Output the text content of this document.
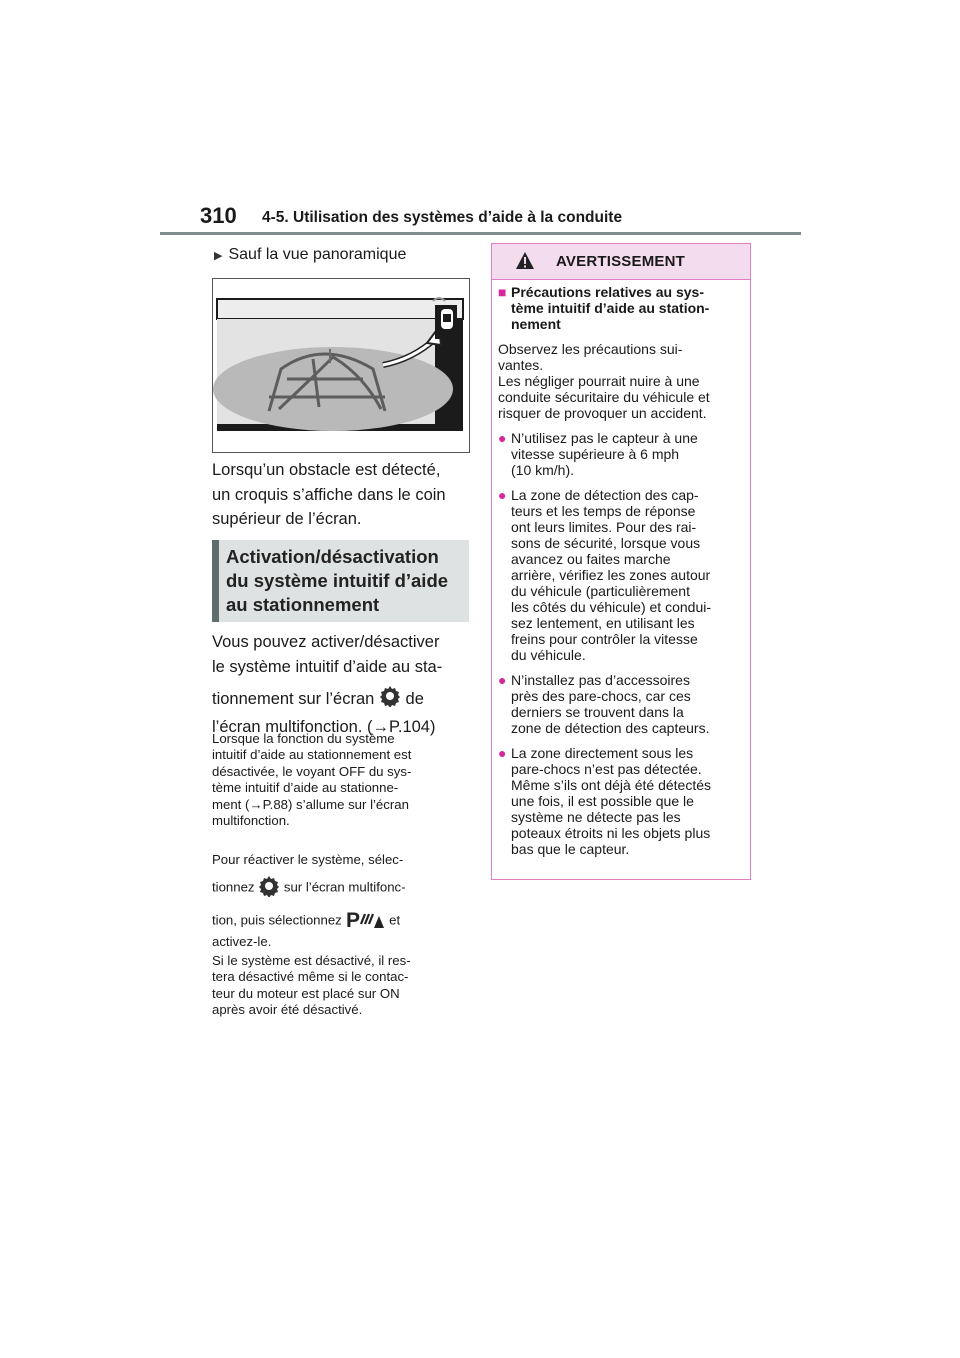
310 4-5. Utilisation des systèmes d’aide à la conduite
▶ Sauf la vue panoramique
Lorsqu’un obstacle est détecté,
un croquis s’affiche dans le coin
supérieur de l’écran.
Activation/désactivation
du système intuitif d’aide
au stationnement
Vous pouvez activer/désactiver
le système intuitif d’aide au sta-
tionnement sur l’écran de
l’écran multifonction. (→P.104)
Lorsque la fonction du système
intuitif d’aide au stationnement est
désactivée, le voyant OFF du sys-
tème intuitif d’aide au stationne-
ment (→P.88) s’allume sur l’écran
multifonction.
Pour réactiver le système, sélec-
tionnez sur l’écran multifonc-
tion, puis sélectionnez P et
activez-le.
Si le système est désactivé, il res-
tera désactivé même si le contac-
teur du moteur est placé sur ON
après avoir été désactivé.
AVERTISSEMENT
■ Précautions relatives au sys-
tème intuitif d’aide au station-
nement
Observez les précautions sui-
vantes.
Les négliger pourrait nuire à une
conduite sécuritaire du véhicule et
risquer de provoquer un accident.
● N’utilisez pas le capteur à une
vitesse supérieure à 6 mph
(10 km/h).
● La zone de détection des cap-
teurs et les temps de réponse
ont leurs limites. Pour des rai-
sons de sécurité, lorsque vous
avancez ou faites marche
arrière, vérifiez les zones autour
du véhicule (particulièrement
les côtés du véhicule) et condui-
sez lentement, en utilisant les
freins pour contrôler la vitesse
du véhicule.
● N’installez pas d’accessoires
près des pare-chocs, car ces
derniers se trouvent dans la
zone de détection des capteurs.
● La zone directement sous les
pare-chocs n’est pas détectée.
Même s’ils ont déjà été détectés
une fois, il est possible que le
système ne détecte pas les
poteaux étroits ni les objets plus
bas que le capteur.
